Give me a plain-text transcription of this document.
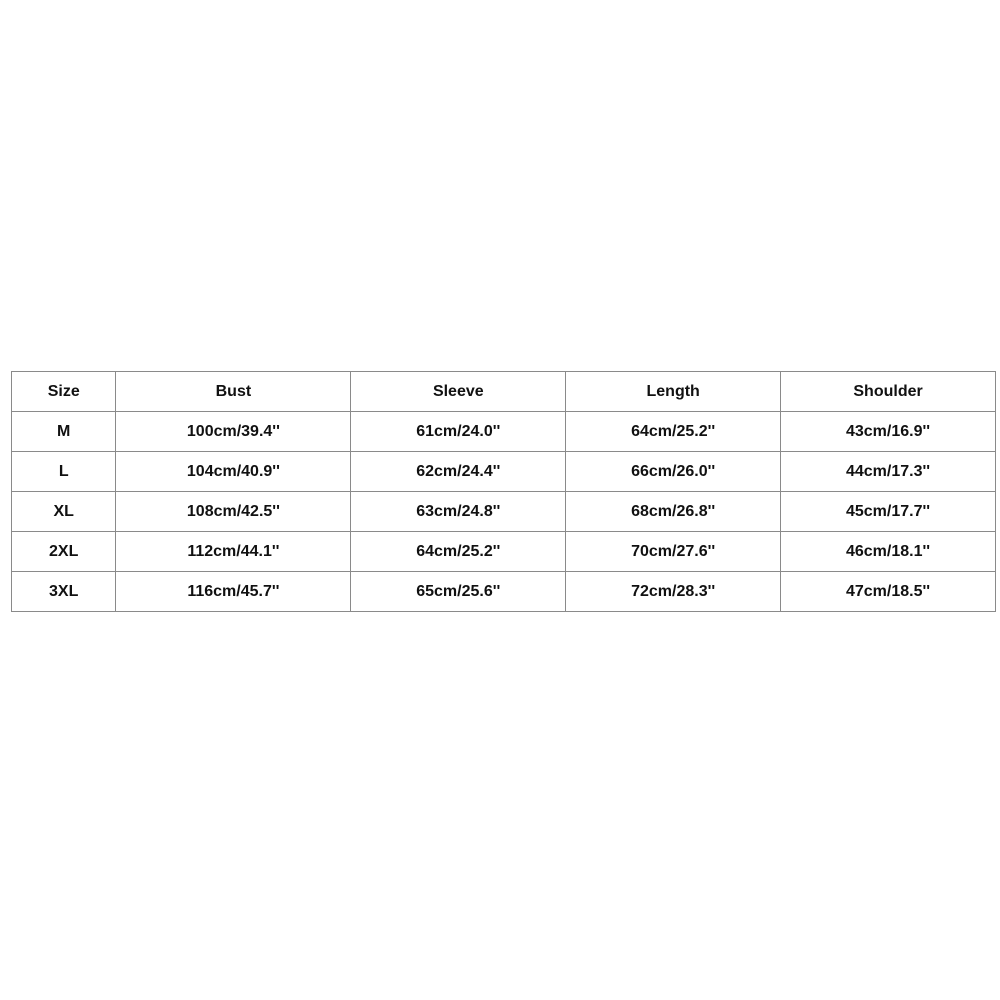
Size	Bust	Sleeve	Length	Shoulder
M	100cm/39.4''	61cm/24.0''	64cm/25.2''	43cm/16.9''
L	104cm/40.9''	62cm/24.4''	66cm/26.0''	44cm/17.3''
XL	108cm/42.5''	63cm/24.8''	68cm/26.8''	45cm/17.7''
2XL	112cm/44.1''	64cm/25.2''	70cm/27.6''	46cm/18.1''
3XL	116cm/45.7''	65cm/25.6''	72cm/28.3''	47cm/18.5''
